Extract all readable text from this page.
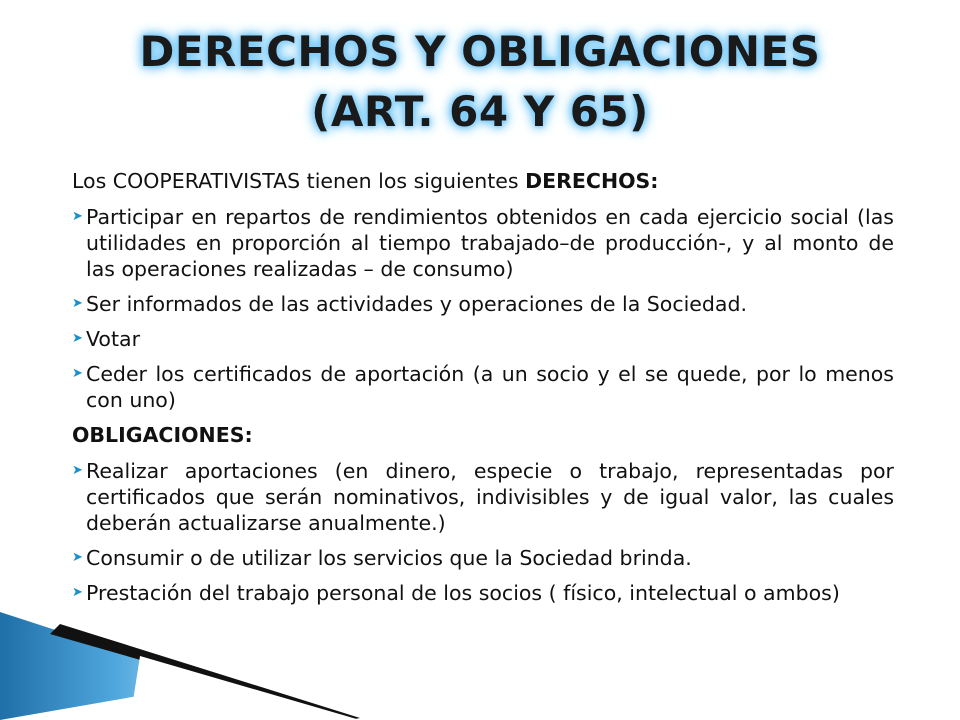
DERECHOS Y OBLIGACIONES
(ART. 64 Y 65)

Los COOPERATIVISTAS tienen los siguientes DERECHOS:

➤ Participar en repartos de rendimientos obtenidos en cada ejercicio social (las utilidades en proporción al tiempo trabajado–de producción-, y al monto de las operaciones realizadas – de consumo)
➤ Ser informados de las actividades y operaciones de la Sociedad.
➤ Votar
➤ Ceder los certificados de aportación (a un socio y el se quede, por lo menos con uno)

OBLIGACIONES:

➤ Realizar aportaciones (en dinero, especie o trabajo, representadas por certificados que serán nominativos, indivisibles y de igual valor, las cuales deberán actualizarse anualmente.)
➤ Consumir o de utilizar los servicios que la Sociedad brinda.
➤ Prestación del trabajo personal de los socios ( físico, intelectual o ambos)
